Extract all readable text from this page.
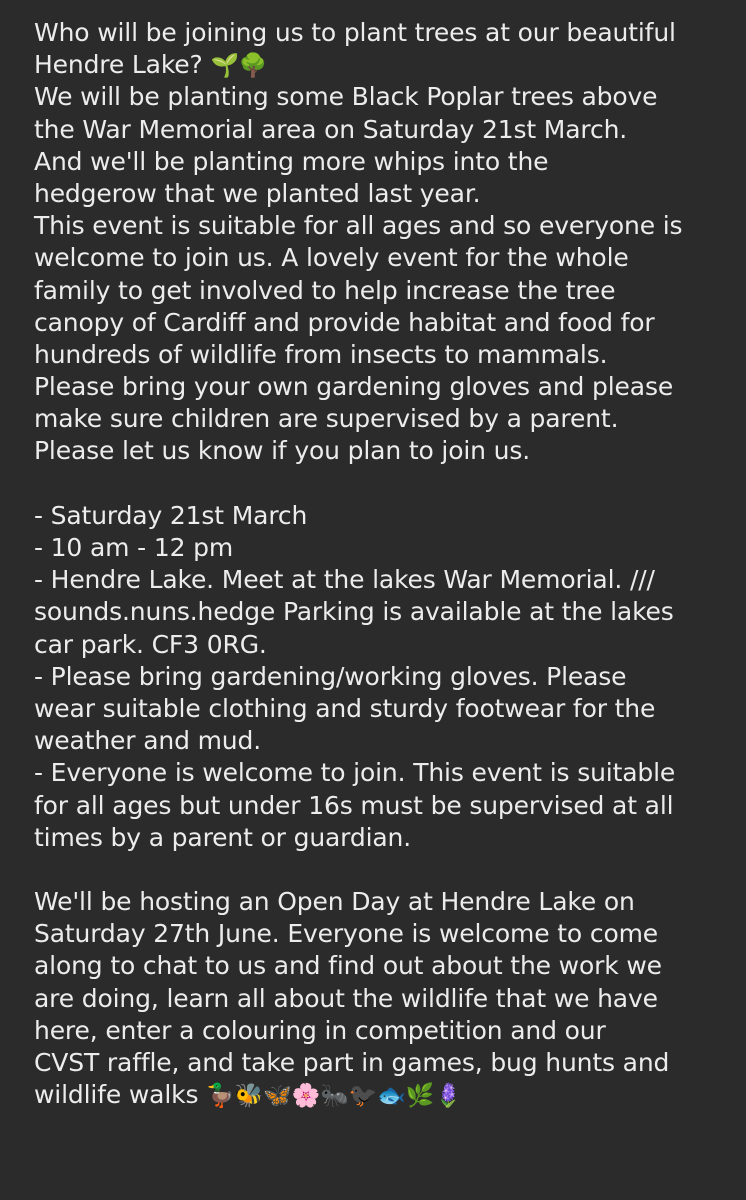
Who will be joining us to plant trees at our beautiful
Hendre Lake? 🌱🌳
We will be planting some Black Poplar trees above
the War Memorial area on Saturday 21st March.
And we'll be planting more whips into the
hedgerow that we planted last year.
This event is suitable for all ages and so everyone is
welcome to join us. A lovely event for the whole
family to get involved to help increase the tree
canopy of Cardiff and provide habitat and food for
hundreds of wildlife from insects to mammals.
Please bring your own gardening gloves and please
make sure children are supervised by a parent.
Please let us know if you plan to join us.
- Saturday 21st March
- 10 am - 12 pm
- Hendre Lake. Meet at the lakes War Memorial. ///
sounds.nuns.hedge Parking is available at the lakes
car park. CF3 0RG.
- Please bring gardening/working gloves. Please
wear suitable clothing and sturdy footwear for the
weather and mud.
- Everyone is welcome to join. This event is suitable
for all ages but under 16s must be supervised at all
times by a parent or guardian.
We'll be hosting an Open Day at Hendre Lake on
Saturday 27th June. Everyone is welcome to come
along to chat to us and find out about the work we
are doing, learn all about the wildlife that we have
here, enter a colouring in competition and our
CVST raffle, and take part in games, bug hunts and
wildlife walks 🦆🐝🦋🌸🐜🐦‍⬛🐟🌿🪻
